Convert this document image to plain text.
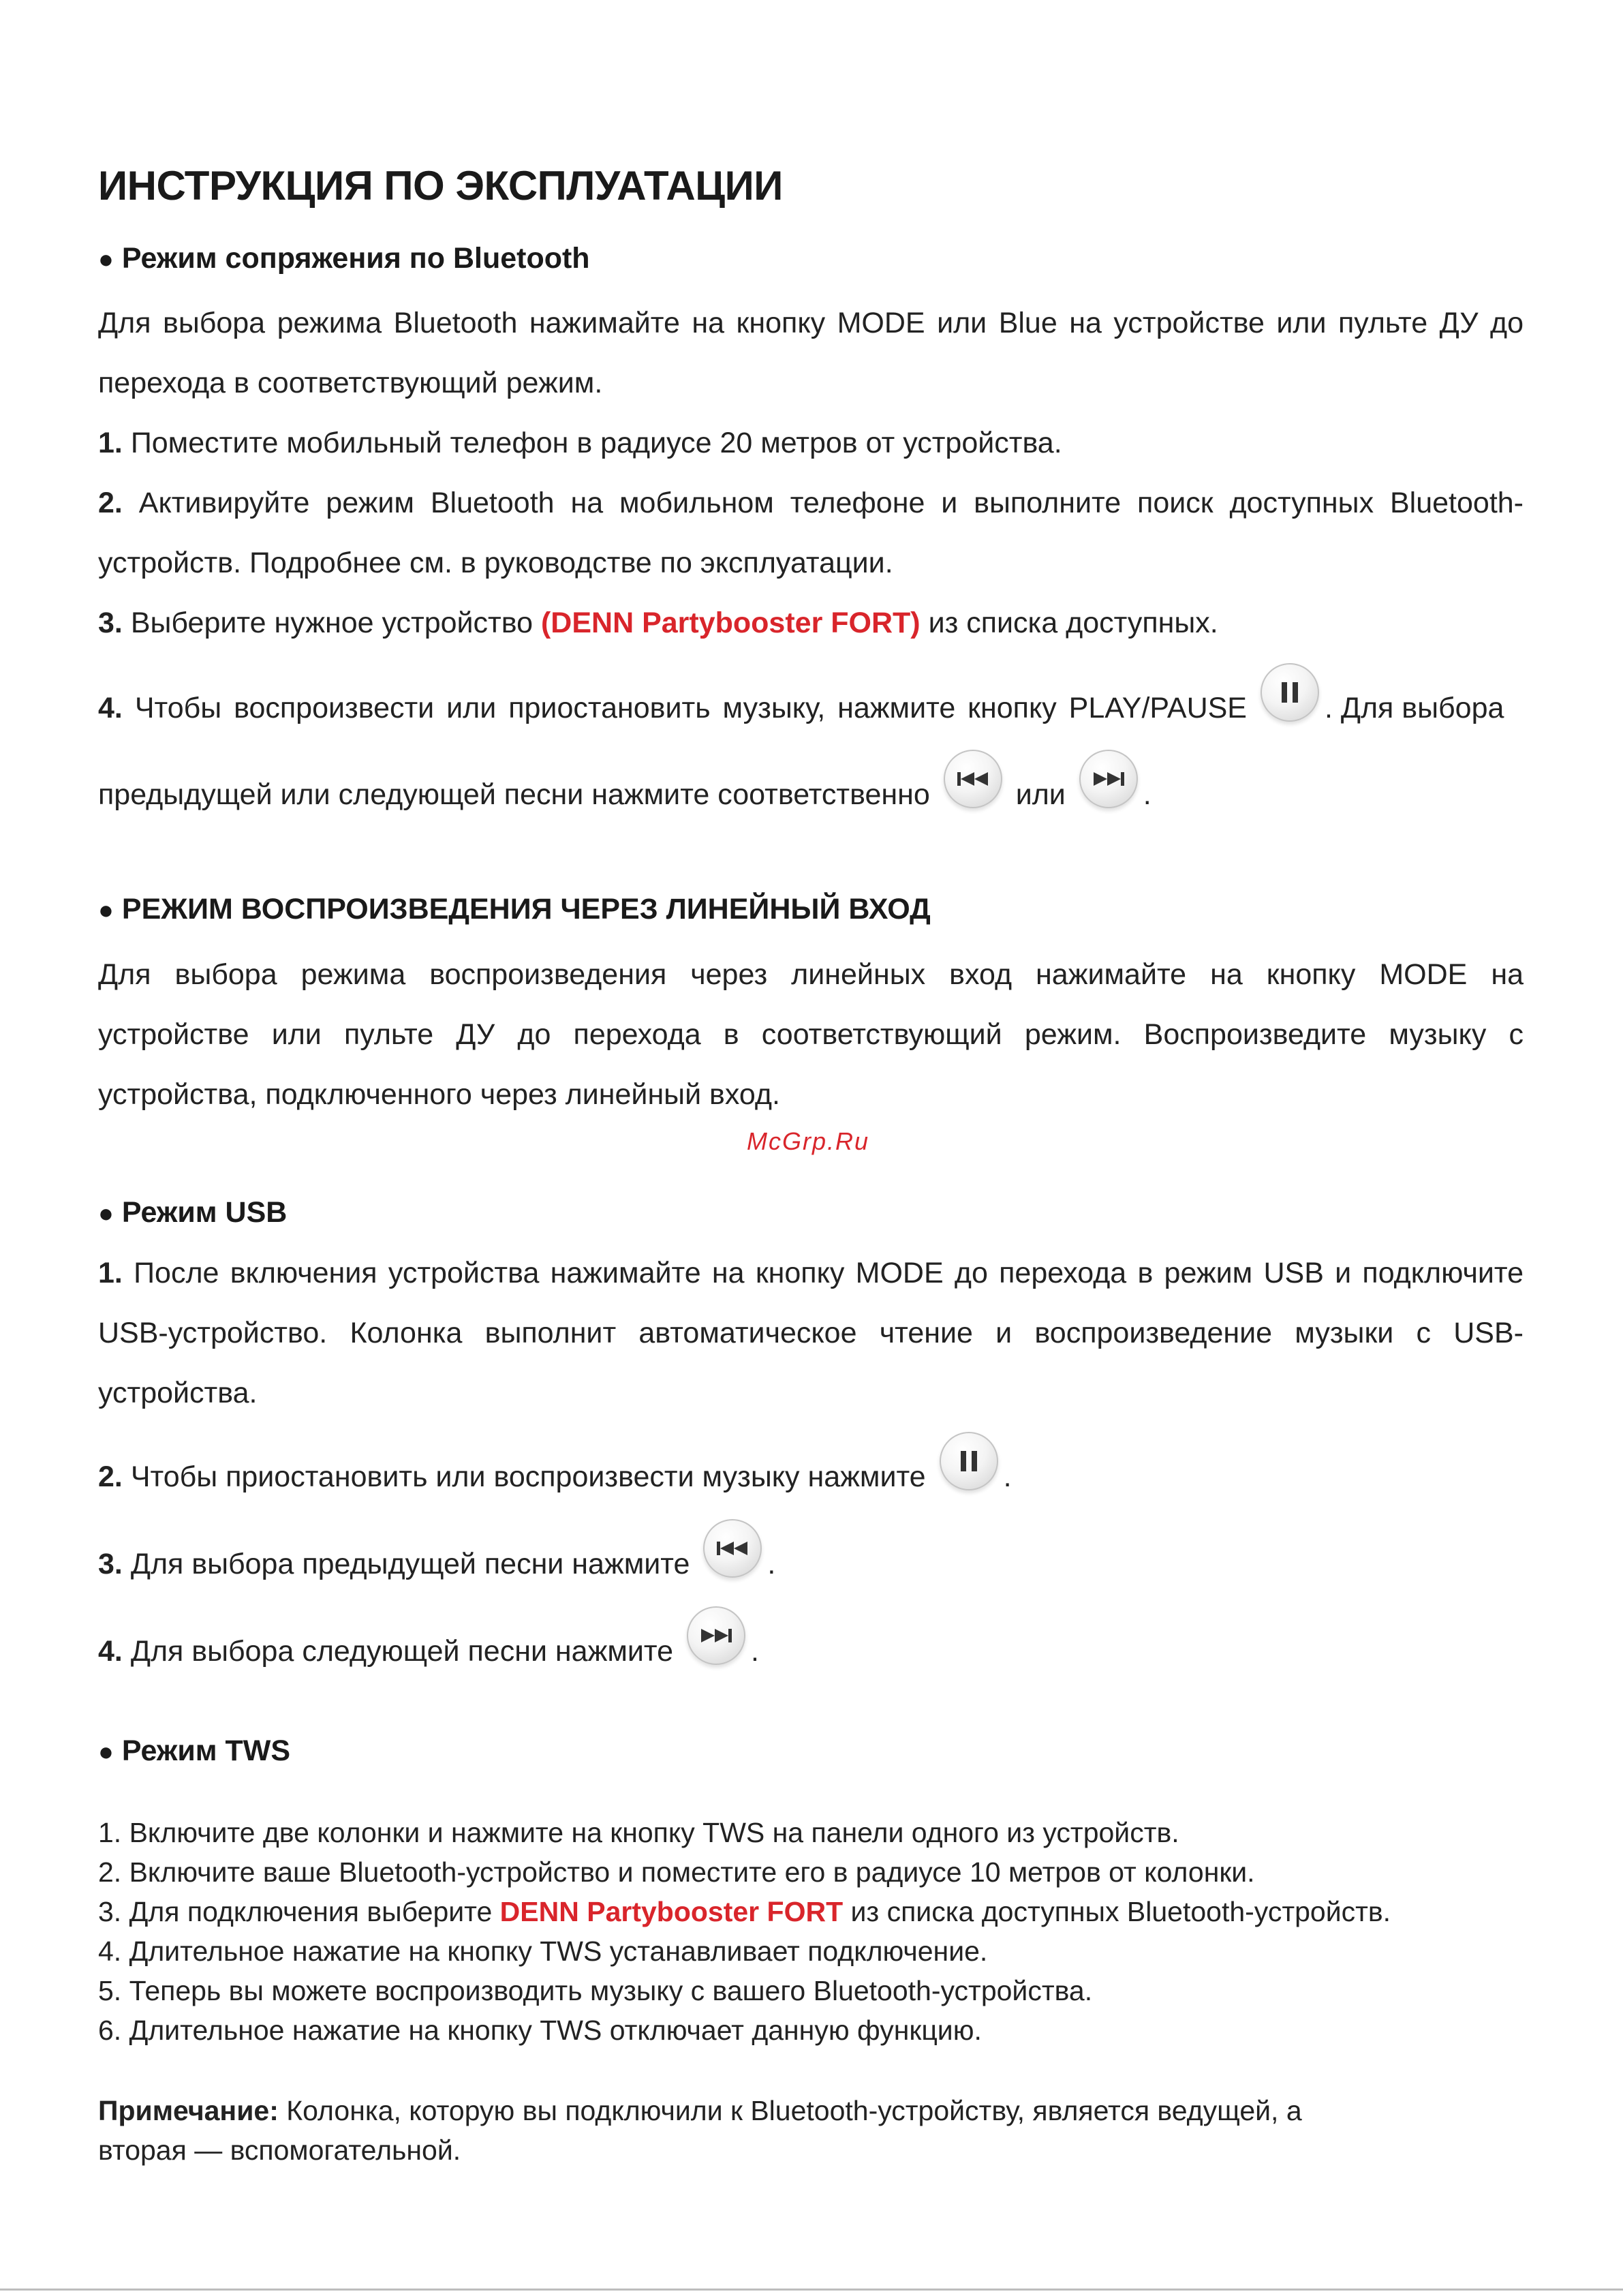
ИНСТРУКЦИЯ ПО ЭКСПЛУАТАЦИИ
● Режим сопряжения по Bluetooth
Для выбора режима Bluetooth нажимайте на кнопку MODE или Blue на устройстве или пульте ДУ до
перехода в соответствующий режим.
1. Поместите мобильный телефон в радиусе 20 метров от устройства.
2. Активируйте режим Bluetooth на мобильном телефоне и выполните поиск доступных Bluetooth-
устройств. Подробнее см. в руководстве по эксплуатации.
3. Выберите нужное устройство (DENN Partybooster FORT) из списка доступных.
4. Чтобы воспроизвести или приостановить музыку, нажмите кнопку PLAY/PAUSE	. Для выбора
предыдущей или следующей песни нажмите соответственно	или	.
● РЕЖИМ ВОСПРОИЗВЕДЕНИЯ ЧЕРЕЗ ЛИНЕЙНЫЙ ВХОД
Для выбора режима воспроизведения через линейных вход нажимайте на кнопку MODE на
устройстве или пульте ДУ до перехода в соответствующий режим. Воспроизведите музыку с
устройства, подключенного через линейный вход.
McGrp.Ru
● Режим USB
1. После включения устройства нажимайте на кнопку MODE до перехода в режим USB и подключите
USB-устройство. Колонка выполнит автоматическое чтение и воспроизведение музыки с USB-
устройства.
2. Чтобы приостановить или воспроизвести музыку нажмите	.
3. Для выбора предыдущей песни нажмите	.
4. Для выбора следующей песни нажмите	.
● Режим TWS
1. Включите две колонки и нажмите на кнопку TWS на панели одного из устройств.
2. Включите ваше Bluetooth-устройство и поместите его в радиусе 10 метров от колонки.
3. Для подключения выберите DENN Partybooster FORT из списка доступных Bluetooth-устройств.
4. Длительное нажатие на кнопку TWS устанавливает подключение.
5. Теперь вы можете воспроизводить музыку с вашего Bluetooth-устройства.
6. Длительное нажатие на кнопку TWS отключает данную функцию.
Примечание: Колонка, которую вы подключили к Bluetooth-устройству, является ведущей, а
вторая — вспомогательной.
